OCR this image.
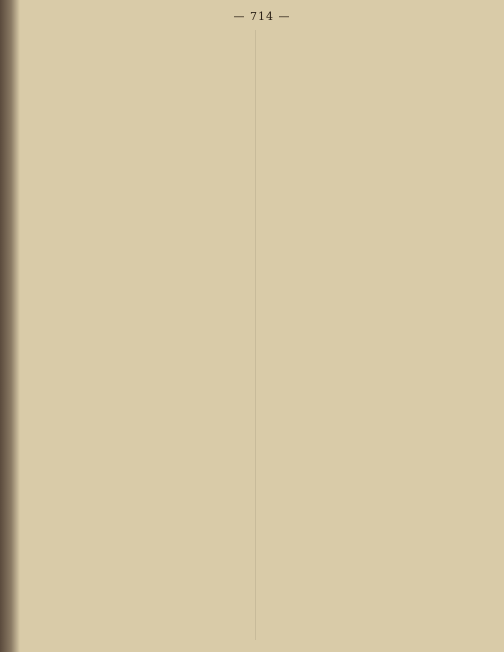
— 714 —
